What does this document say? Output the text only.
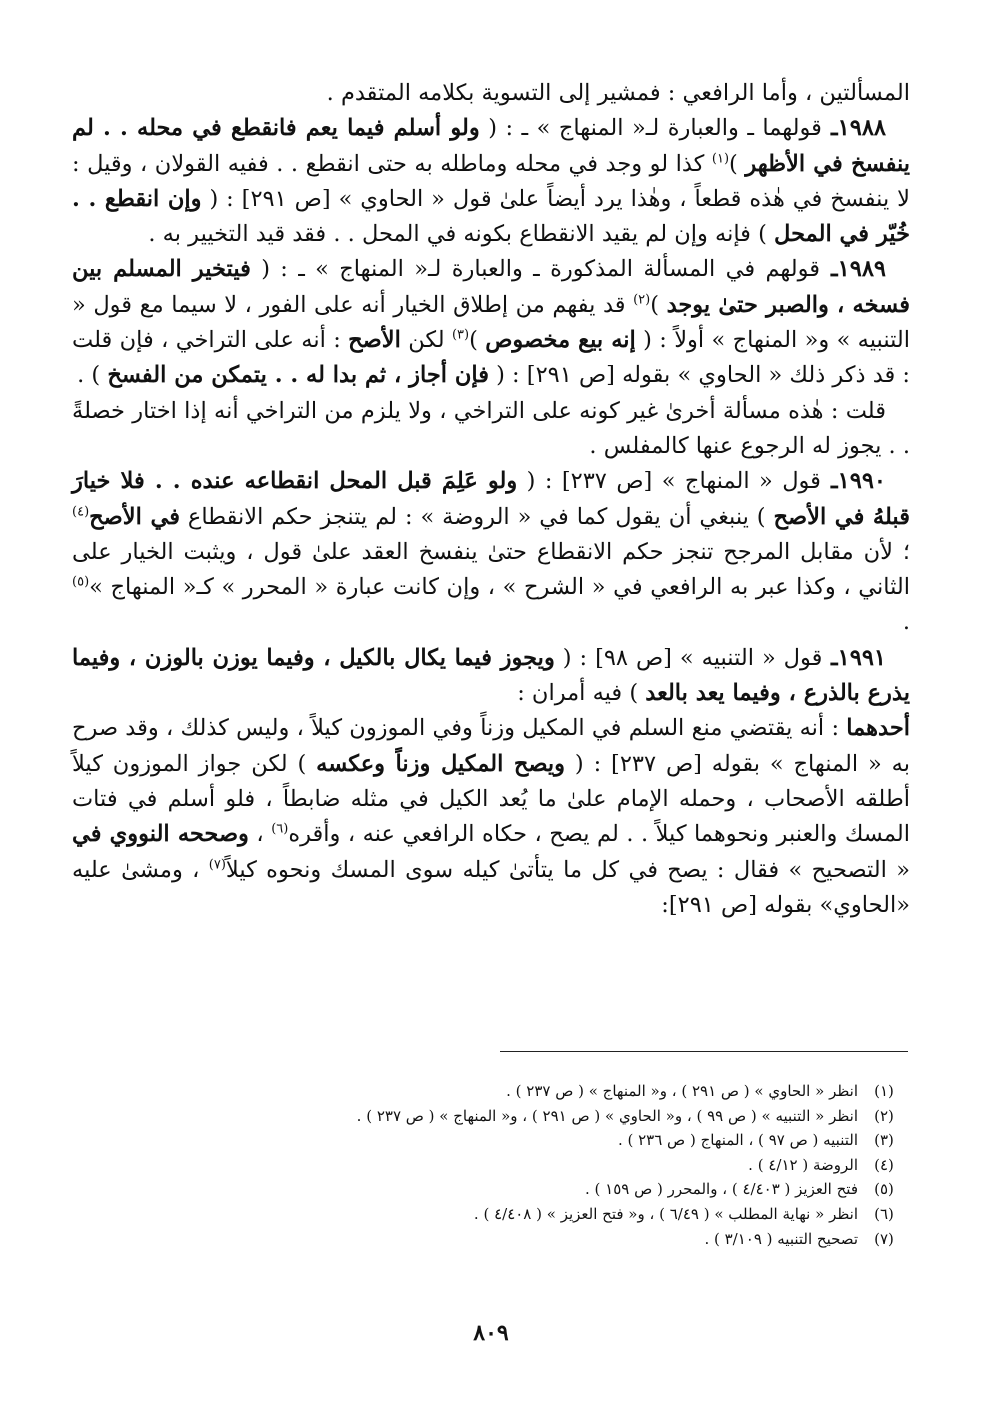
المسألتين ، وأما الرافعي : فمشير إلى التسوية بكلامه المتقدم .

١٩٨٨ـ قولهما ـ والعبارة لـ« المنهاج » ـ : ( ولو أسلم فيما يعم فانقطع في محله . . لم ينفسخ في الأظهر )$^{(١)}$ كذا لو وجد في محله وماطله به حتى انقطع . . ففيه القولان ، وقيل : لا ينفسخ في هٰذه قطعاً ، وهٰذا يرد أيضاً علىٰ قول « الحاوي » [ص ٢٩١] : ( وإن انقطع . . خُيّر في المحل ) فإنه وإن لم يقيد الانقطاع بكونه في المحل . . فقد قيد التخيير به .

١٩٨٩ـ قولهم في المسألة المذكورة ـ والعبارة لـ« المنهاج » ـ : ( فيتخير المسلم بين فسخه ، والصبر حتىٰ يوجد )$^{(٢)}$ قد يفهم من إطلاق الخيار أنه على الفور ، لا سيما مع قول « التنبيه » و« المنهاج » أولاً : ( إنه بيع مخصوص )$^{(٣)}$ لكن الأصح : أنه على التراخي ، فإن قلت : قد ذكر ذلك « الحاوي » بقوله [ص ٢٩١] : ( فإن أجاز ، ثم بدا له . . يتمكن من الفسخ ) .

قلت : هٰذه مسألة أخرىٰ غير كونه على التراخي ، ولا يلزم من التراخي أنه إذا اختار خصلةً . . يجوز له الرجوع عنها كالمفلس .

١٩٩٠ـ قول « المنهاج » [ص ٢٣٧] : ( ولو عَلِمَ قبل المحل انقطاعه عنده . . فلا خيارَ قبلهُ في الأصح ) ينبغي أن يقول كما في « الروضة » : لم يتنجز حكم الانقطاع في الأصح$^{(٤)}$ ؛ لأن مقابل المرجح تنجز حكم الانقطاع حتىٰ ينفسخ العقد علىٰ قول ، ويثبت الخيار على الثاني ، وكذا عبر به الرافعي في « الشرح » ، وإن كانت عبارة « المحرر » كـ« المنهاج »$^{(٥)}$ .

١٩٩١ـ قول « التنبيه » [ص ٩٨] : ( ويجوز فيما يكال بالكيل ، وفيما يوزن بالوزن ، وفيما يذرع بالذرع ، وفيما يعد بالعد ) فيه أمران :

أحدهما : أنه يقتضي منع السلم في المكيل وزناً وفي الموزون كيلاً ، وليس كذلك ، وقد صرح به « المنهاج » بقوله [ص ٢٣٧] : ( ويصح المكيل وزناً وعكسه ) لكن جواز الموزون كيلاً أطلقه الأصحاب ، وحمله الإمام علىٰ ما يُعد الكيل في مثله ضابطاً ، فلو أسلم في فتات المسك والعنبر ونحوهما كيلاً . . لم يصح ، حكاه الرافعي عنه ، وأقره$^{(٦)}$ ، وصححه النووي في « التصحيح » فقال : يصح في كل ما يتأتىٰ كيله سوى المسك ونحوه كيلاً$^{(٧)}$ ، ومشىٰ عليه «الحاوي» بقوله [ص ٢٩١]:

(١)
انظر « الحاوي » ( ص ٢٩١ ) ، و« المنهاج » ( ص ٢٣٧ ) .
(٢)
انظر « التنبيه » ( ص ٩٩ ) ، و« الحاوي » ( ص ٢٩١ ) ، و« المنهاج » ( ص ٢٣٧ ) .
(٣)
التنبيه ( ص ٩٧ ) ، المنهاج ( ص ٢٣٦ ) .
(٤)
الروضة ( ٤/١٢ ) .
(٥)
فتح العزيز ( ٤/٤٠٣ ) ، والمحرر ( ص ١٥٩ ) .
(٦)
انظر « نهاية المطلب » ( ٦/٤٩ ) ، و« فتح العزيز » ( ٤/٤٠٨ ) .
(٧)
تصحيح التنبيه ( ٣/١٠٩ ) .
٨٠٩
